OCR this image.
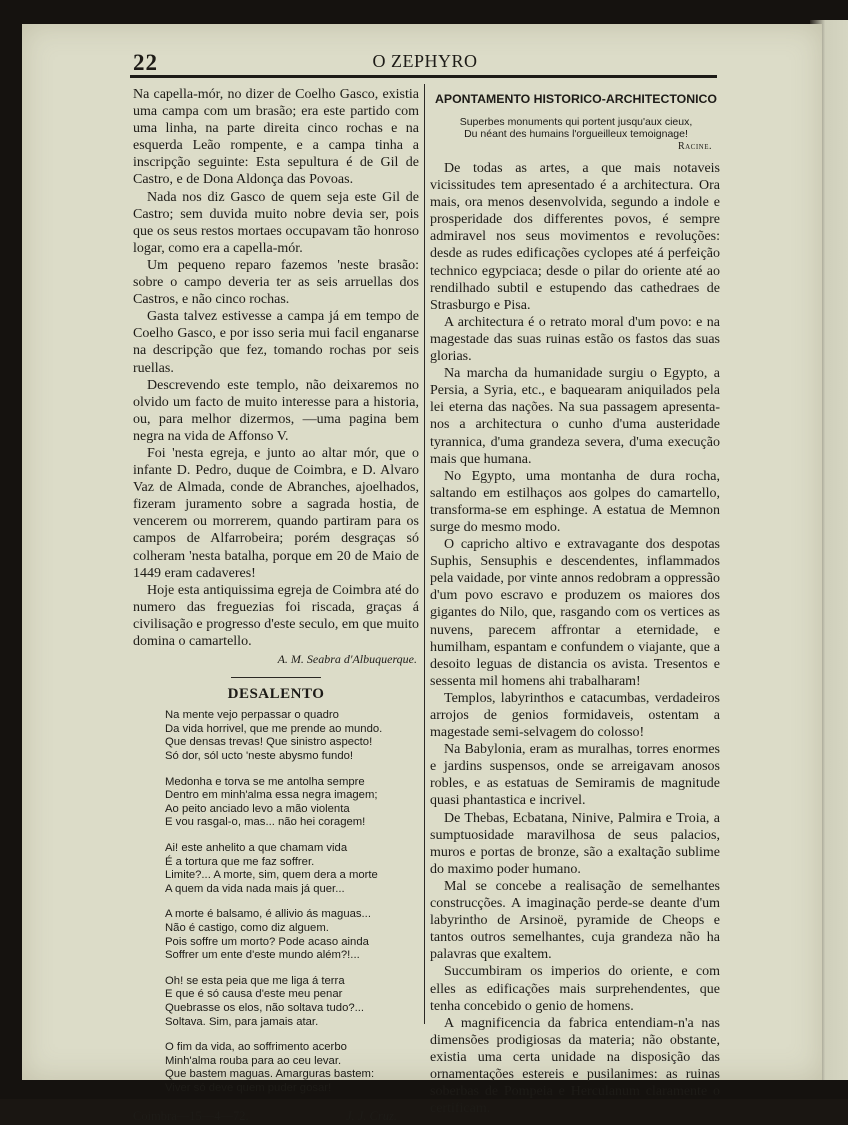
22	O ZEPHYRO

Na capella-mór, no dizer de Coelho Gasco, existia uma campa com um brasão; era este partido com uma linha, na parte direita cinco rochas e na esquerda Leão rompente, e a campa tinha a inscripção seguinte: Esta sepultura é de Gil de Castro, e de Dona Aldonça das Povoas.

Nada nos diz Gasco de quem seja este Gil de Castro; sem duvida muito nobre devia ser, pois que os seus restos mortaes occupavam tão honroso logar, como era a capella-mór.

Um pequeno reparo fazemos 'neste brasão: sobre o campo deveria ter as seis arruellas dos Castros, e não cinco rochas.

Gasta talvez estivesse a campa já em tempo de Coelho Gasco, e por isso seria mui facil enganarse na descripção que fez, tomando rochas por seis ruellas.

Descrevendo este templo, não deixaremos no olvido um facto de muito interesse para a historia, ou, para melhor dizermos, —uma pagina bem negra na vida de Affonso V.

Foi 'nesta egreja, e junto ao altar mór, que o infante D. Pedro, duque de Coimbra, e D. Alvaro Vaz de Almada, conde de Abranches, ajoelhados, fizeram juramento sobre a sagrada hostia, de vencerem ou morrerem, quando partiram para os campos de Alfarrobeira; porém desgraças só colheram 'nesta batalha, porque em 20 de Maio de 1449 eram cadaveres!

Hoje esta antiquissima egreja de Coimbra até do numero das freguezias foi riscada, graças á civilisação e progresso d'este seculo, em que muito domina o camartello.

A. M. Seabra d'Albuquerque.
DESALENTO
Na mente vejo perpassar o quadro
Da vida horrivel, que me prende ao mundo.
Que densas trevas! Que sinistro aspecto!
Só dor, sól ucto 'neste abysmo fundo!
Medonha e torva se me antolha sempre
Dentro em minh'alma essa negra imagem;
Ao peito anciado levo a mão violenta
E vou rasgal-o, mas... não hei coragem!
Ai! este anhelito a que chamam vida
É a tortura que me faz soffrer.
Limite?... A morte, sim, quem dera a morte
A quem da vida nada mais já quer...
A morte é balsamo, é allivio ás maguas...
Não é castigo, como diz alguem.
Pois soffre um morto? Pode acaso ainda
Soffrer um ente d'este mundo além?!...
Oh! se esta peia que me liga á terra
E que é só causa d'este meu penar
Quebrasse os elos, não soltava tudo?...
Soltava. Sim, para jamais atar.
O fim da vida, ao soffrimento acerbo
Minh'alma rouba para ao ceu levar.
Que bastem maguas. Amarguras bastem:
Viver só deve quem puder gosar!
Coimbra—15—4—72.	J. J. Cruz.
APONTAMENTO HISTORICO-ARCHITECTONICO
Superbes monuments qui portent jusqu'aux cieux,
Du néant des humains l'orgueilleux temoignage!
Racine.

De todas as artes, a que mais notaveis vicissitudes tem apresentado é a architectura. Ora mais, ora menos desenvolvida, segundo a indole e prosperidade dos differentes povos, é sempre admiravel nos seus movimentos e revoluções: desde as rudes edificações cyclopes até á perfeição technico egypciaca; desde o pilar do oriente até ao rendilhado subtil e estupendo das cathedraes de Strasburgo e Pisa.

A architectura é o retrato moral d'um povo: e na magestade das suas ruinas estão os fastos das suas glorias.

Na marcha da humanidade surgiu o Egypto, a Persia, a Syria, etc., e baquearam aniquilados pela lei eterna das nações. Na sua passagem apresenta-nos a architectura o cunho d'uma austeridade tyrannica, d'uma grandeza severa, d'uma execução mais que humana.

No Egypto, uma montanha de dura rocha, saltando em estilhaços aos golpes do camartello, transforma-se em esphinge. A estatua de Memnon surge do mesmo modo.

O capricho altivo e extravagante dos despotas Suphis, Sensuphis e descendentes, inflammados pela vaidade, por vinte annos redobram a oppressão d'um povo escravo e produzem os maiores dos gigantes do Nilo, que, rasgando com os vertices as nuvens, parecem affrontar a eternidade, e humilham, espantam e confundem o viajante, que a desoito leguas de distancia os avista. Tresentos e sessenta mil homens ahi trabalharam!

Templos, labyrinthos e catacumbas, verdadeiros arrojos de genios formidaveis, ostentam a magestade semi-selvagem do colosso!

Na Babylonia, eram as muralhas, torres enormes e jardins suspensos, onde se arreigavam anosos robles, e as estatuas de Semiramis de magnitude quasi phantastica e incrivel.

De Thebas, Ecbatana, Ninive, Palmira e Troia, a sumptuosidade maravilhosa de seus palacios, muros e portas de bronze, são a exaltação sublime do maximo poder humano.

Mal se concebe a realisação de semelhantes construcções. A imaginação perde-se deante d'um labyrintho de Arsinoë, pyramide de Cheops e tantos outros semelhantes, cuja grandeza não ha palavras que exaltem.

Succumbiram os imperios do oriente, e com elles as edificações mais surprehendentes, que tenha concebido o genio de homens.

A magnificencia da fabrica entendiam-n'a nas dimensões prodigiosas da materia; não obstante, existia uma certa unidade na disposição das ornamentações estereis e pusilanimes: as ruinas soberbas de Pompeia e Herculanum claramente o certificam.
